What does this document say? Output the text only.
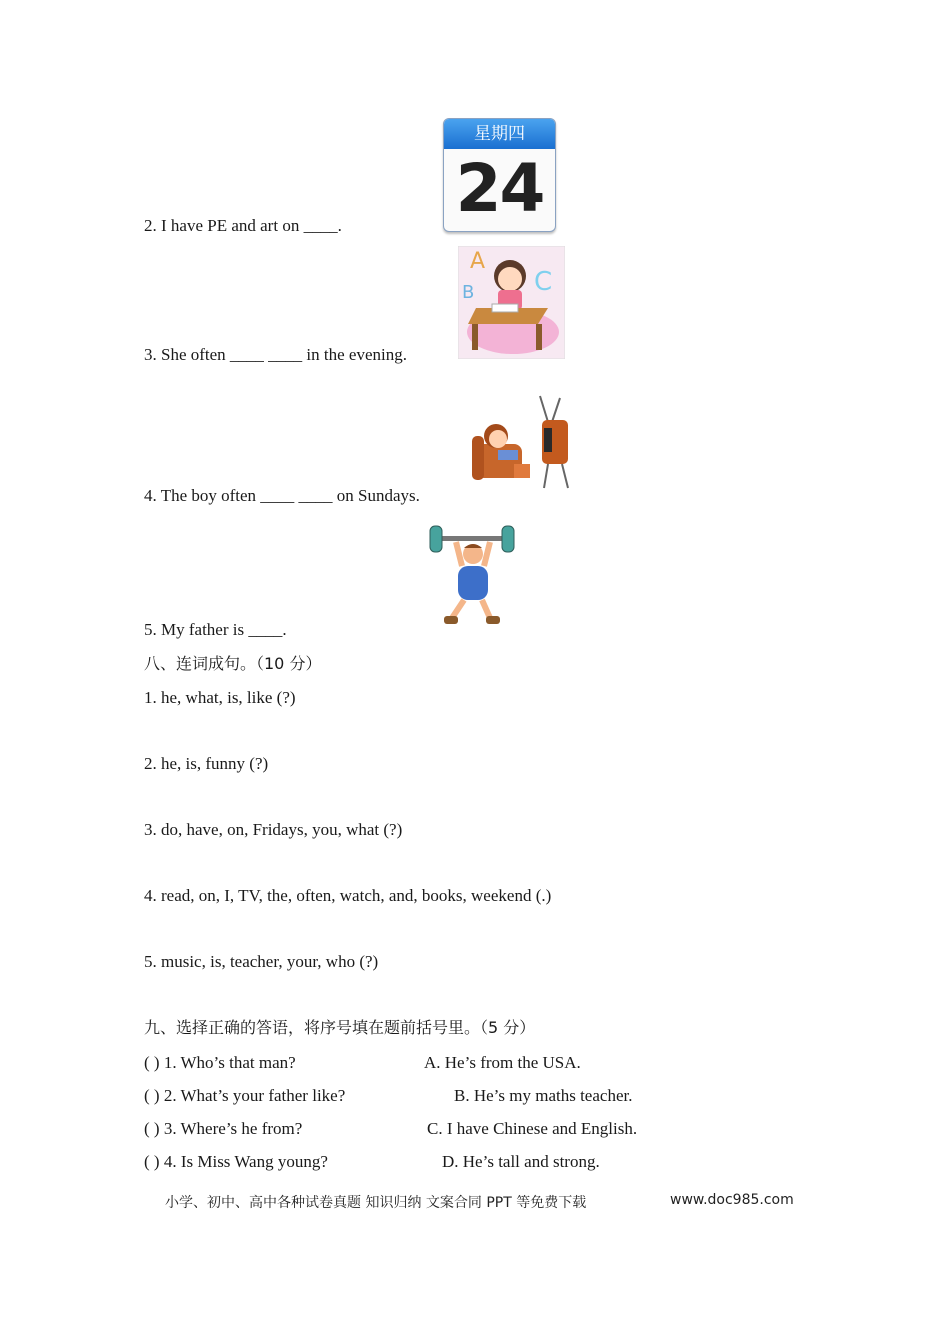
星期四
24
2. I have PE and art on ____.
A
B C
3. She often ____ ____ in the evening.
4. The boy often ____ ____ on Sundays.
5. My father is ____.
八、连词成句。（10 分）
1. he, what, is, like (?)
2. he, is, funny (?)
3. do, have, on, Fridays, you, what (?)
4. read, on, I, TV, the, often, watch, and, books, weekend (.)
5. music, is, teacher, your, who (?)
九、选择正确的答语，将序号填在题前括号里。（5 分）
( ) 1. Who’s that man?	A. He’s from the USA.
( ) 2. What’s your father like?	B. He’s my maths teacher.
( ) 3. Where’s he from?	C. I have Chinese and English.
( ) 4. Is Miss Wang young?	D. He’s tall and strong.
小学、初中、高中各种试卷真题 知识归纳 文案合同 PPT 等免费下载	www.doc985.com
